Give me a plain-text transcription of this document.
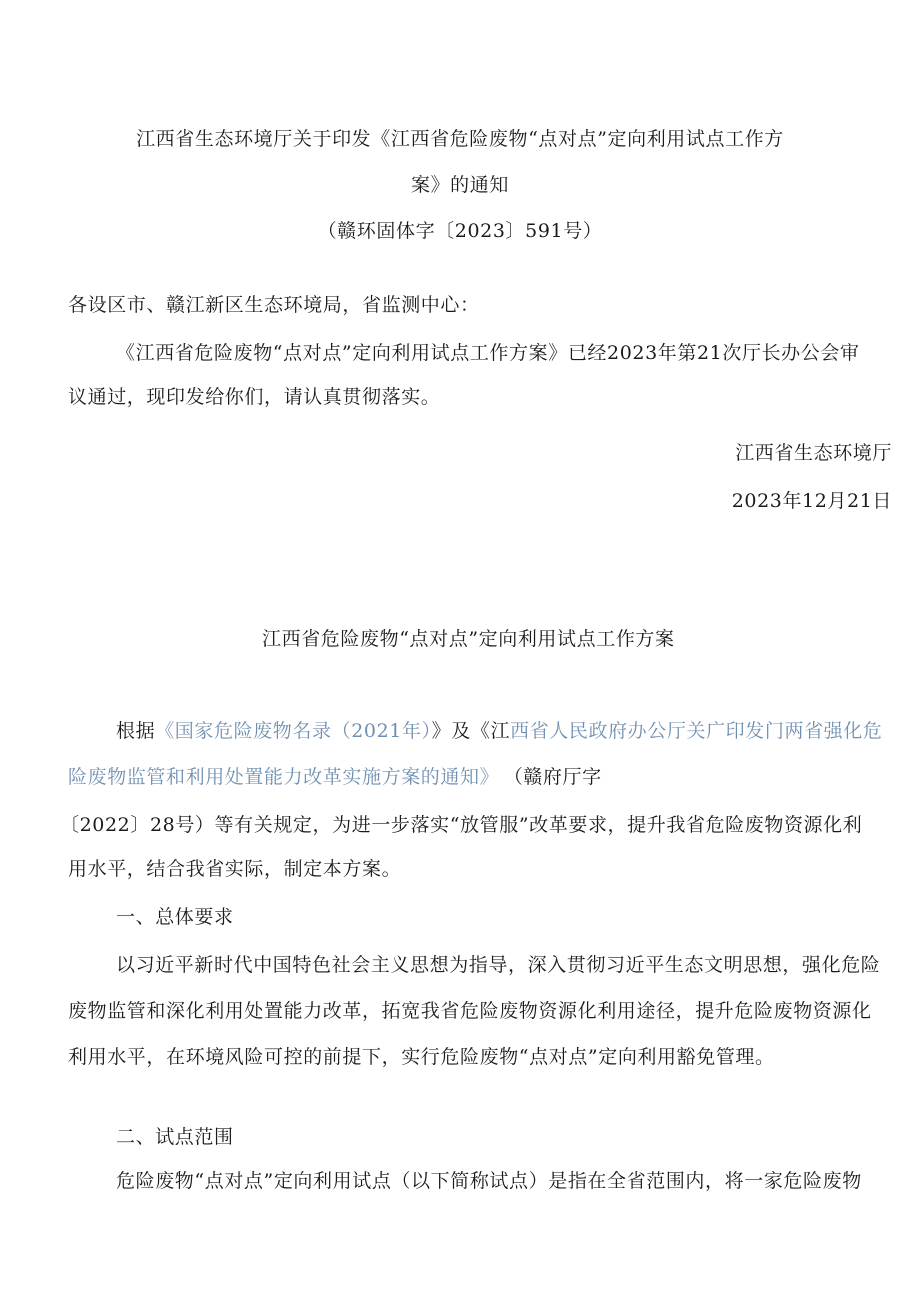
江西省生态环境厅关于印发《江西省危险废物“点对点”定向利用试点工作方
案》的通知
（赣环固体字〔2023〕591号）
各设区市、赣江新区生态环境局，省监测中心：
《江西省危险废物“点对点”定向利用试点工作方案》已经2023年第21次厅长办公会审
议通过，现印发给你们，请认真贯彻落实。
江西省生态环境厅
2023年12月21日
江西省危险废物“点对点”定向利用试点工作方案
根据《国家危险废物名录（2021年）》及《江西省人民政府办公厅关广印发门两省强化危
险废物监管和利用处置能力改革实施方案的通知》 （赣府厅字
〔2022〕28号）等有关规定，为进一步落实“放管服”改革要求，提升我省危险废物资源化利
用水平，结合我省实际，制定本方案。
一、总体要求
以习近平新时代中国特色社会主义思想为指导，深入贯彻习近平生态文明思想，强化危险
废物监管和深化利用处置能力改革，拓宽我省危险废物资源化利用途径，提升危险废物资源化
利用水平，在环境风险可控的前提下，实行危险废物“点对点”定向利用豁免管理。
二、试点范围
危险废物“点对点”定向利用试点（以下简称试点）是指在全省范围内，将一家危险废物
